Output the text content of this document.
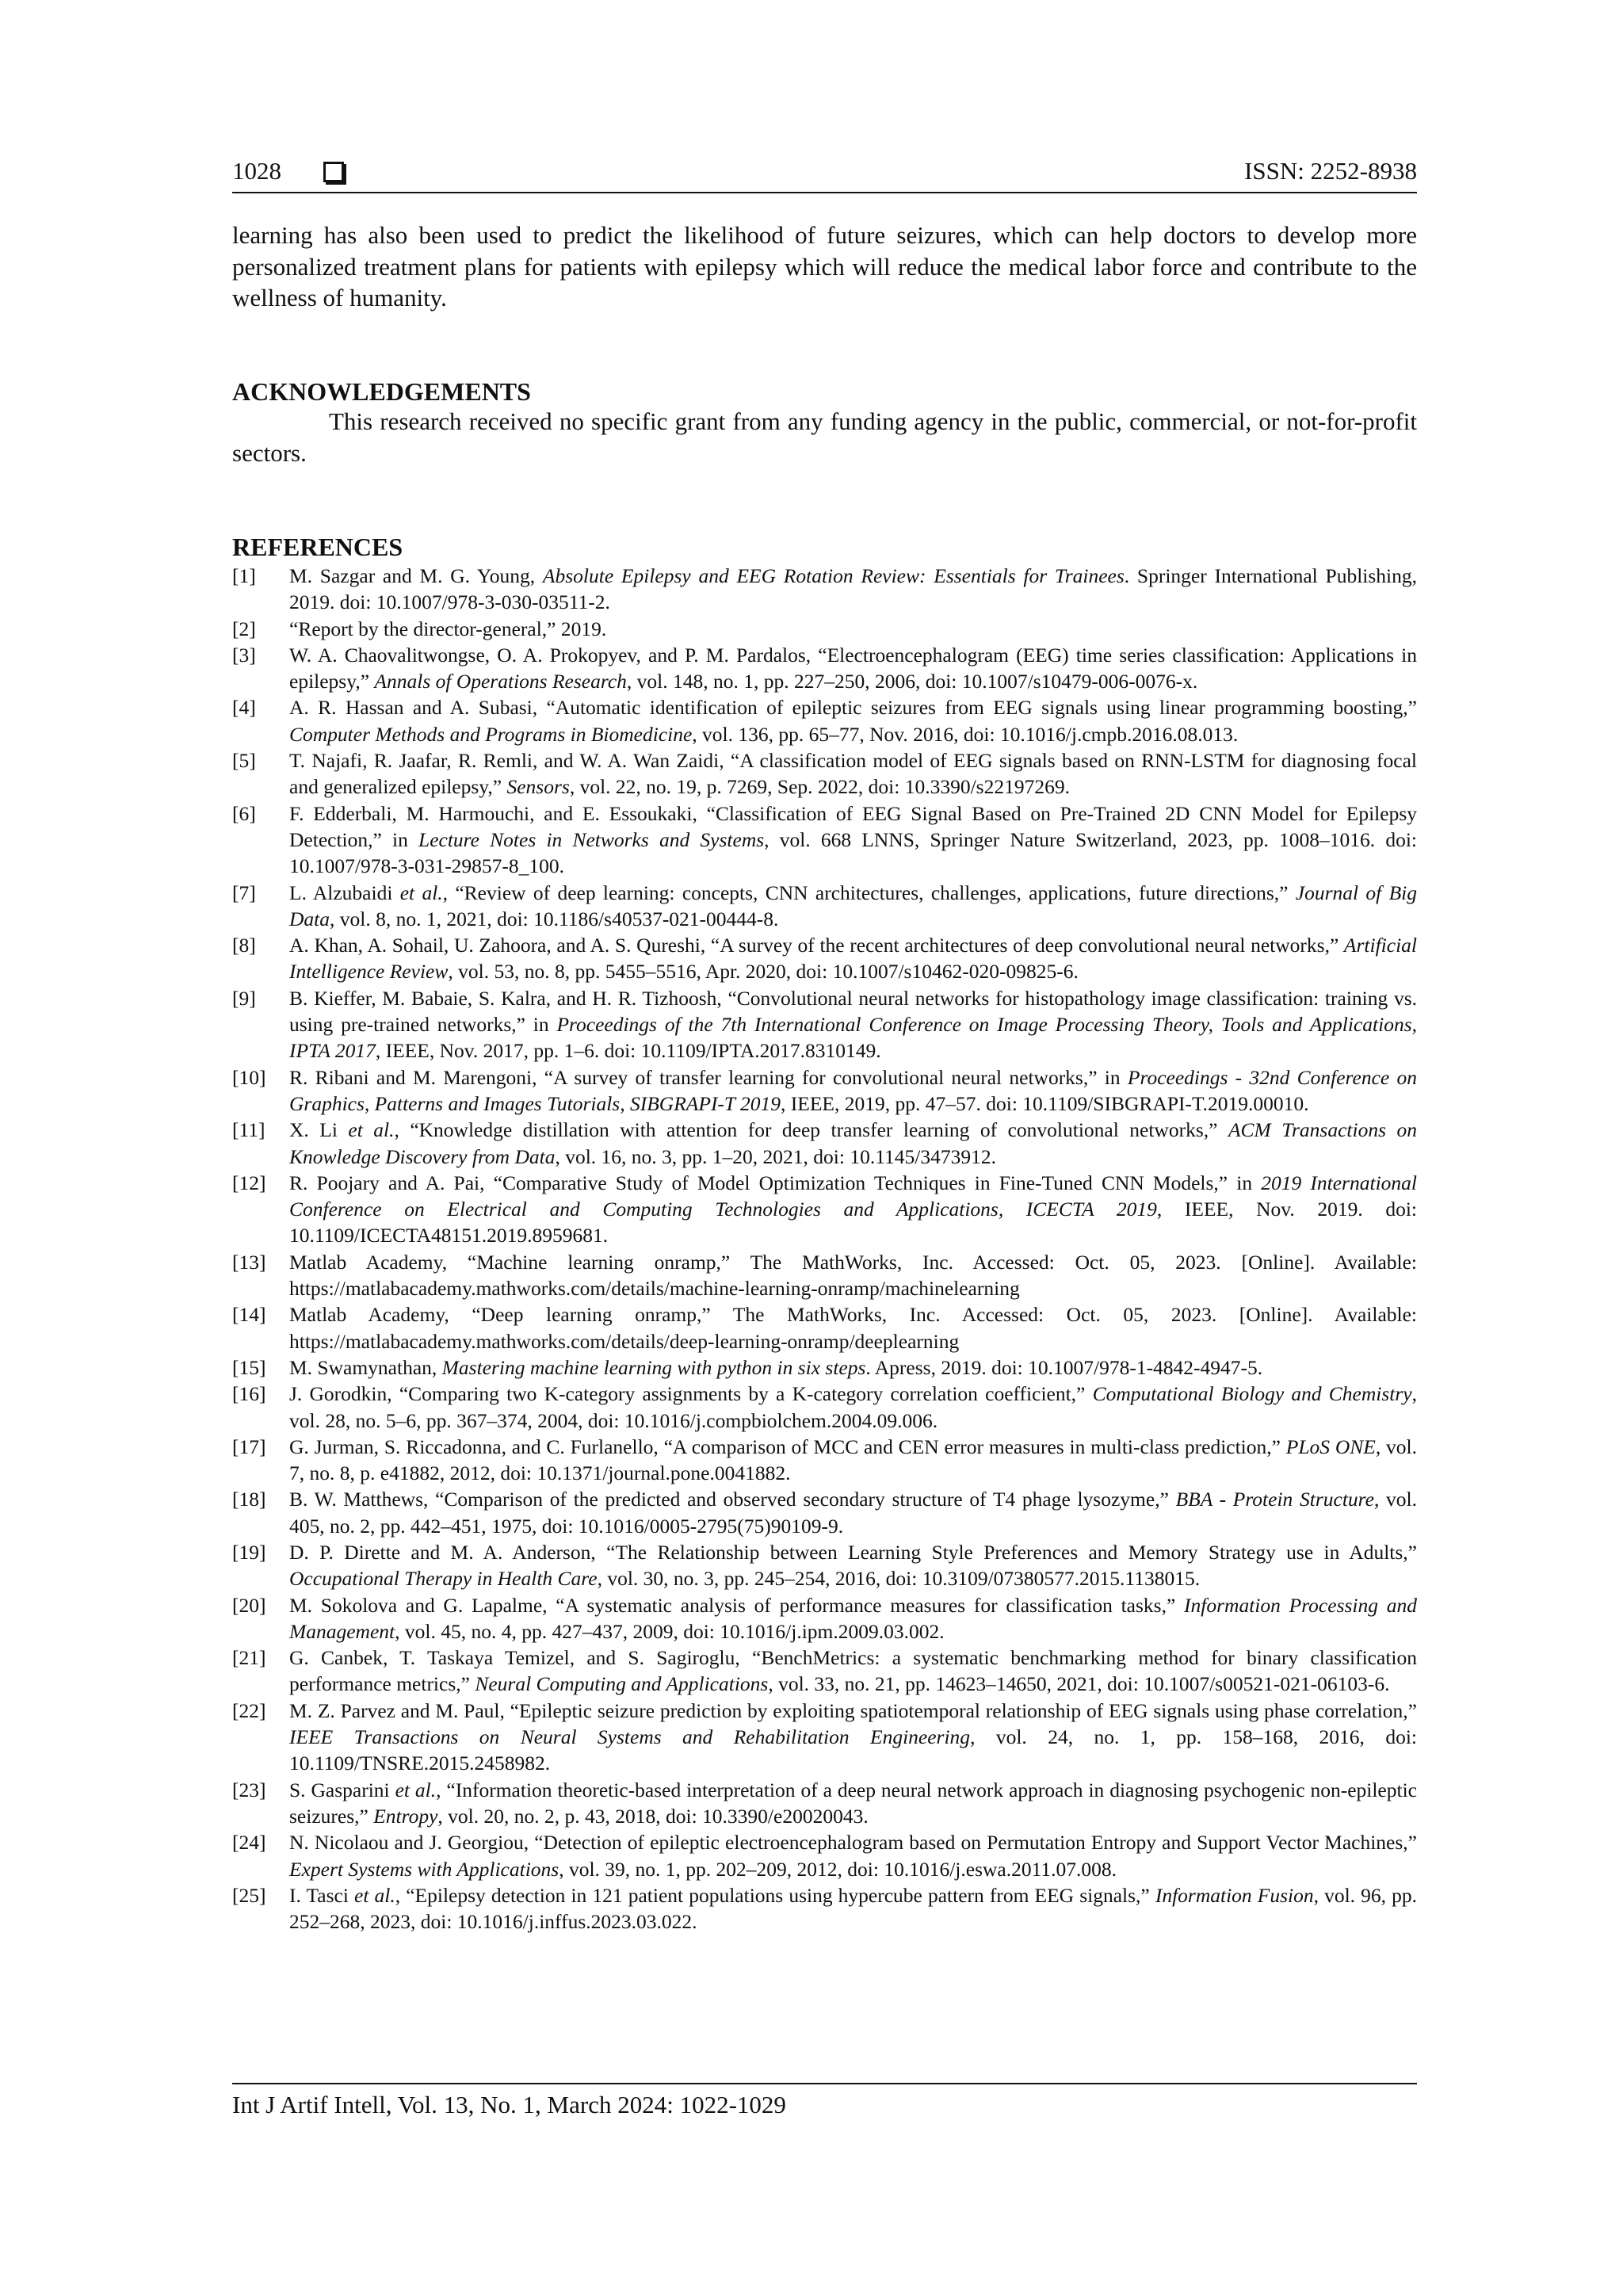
1028	ISSN: 2252-8938

learning has also been used to predict the likelihood of future seizures, which can help doctors to develop more personalized treatment plans for patients with epilepsy which will reduce the medical labor force and contribute to the wellness of humanity.

ACKNOWLEDGEMENTS

This research received no specific grant from any funding agency in the public, commercial, or not-for-profit sectors.

REFERENCES
[1] M. Sazgar and M. G. Young, Absolute Epilepsy and EEG Rotation Review: Essentials for Trainees. Springer International Publishing, 2019. doi: 10.1007/978-3-030-03511-2.
[2] “Report by the director-general,” 2019.
[3] W. A. Chaovalitwongse, O. A. Prokopyev, and P. M. Pardalos, “Electroencephalogram (EEG) time series classification: Applications in epilepsy,” Annals of Operations Research, vol. 148, no. 1, pp. 227–250, 2006, doi: 10.1007/s10479-006-0076-x.
[4] A. R. Hassan and A. Subasi, “Automatic identification of epileptic seizures from EEG signals using linear programming boosting,” Computer Methods and Programs in Biomedicine, vol. 136, pp. 65–77, Nov. 2016, doi: 10.1016/j.cmpb.2016.08.013.
[5] T. Najafi, R. Jaafar, R. Remli, and W. A. Wan Zaidi, “A classification model of EEG signals based on RNN-LSTM for diagnosing focal and generalized epilepsy,” Sensors, vol. 22, no. 19, p. 7269, Sep. 2022, doi: 10.3390/s22197269.
[6] F. Edderbali, M. Harmouchi, and E. Essoukaki, “Classification of EEG Signal Based on Pre-Trained 2D CNN Model for Epilepsy Detection,” in Lecture Notes in Networks and Systems, vol. 668 LNNS, Springer Nature Switzerland, 2023, pp. 1008–1016. doi: 10.1007/978-3-031-29857-8_100.
[7] L. Alzubaidi et al., “Review of deep learning: concepts, CNN architectures, challenges, applications, future directions,” Journal of Big Data, vol. 8, no. 1, 2021, doi: 10.1186/s40537-021-00444-8.
[8] A. Khan, A. Sohail, U. Zahoora, and A. S. Qureshi, “A survey of the recent architectures of deep convolutional neural networks,” Artificial Intelligence Review, vol. 53, no. 8, pp. 5455–5516, Apr. 2020, doi: 10.1007/s10462-020-09825-6.
[9] B. Kieffer, M. Babaie, S. Kalra, and H. R. Tizhoosh, “Convolutional neural networks for histopathology image classification: training vs. using pre-trained networks,” in Proceedings of the 7th International Conference on Image Processing Theory, Tools and Applications, IPTA 2017, IEEE, Nov. 2017, pp. 1–6. doi: 10.1109/IPTA.2017.8310149.
[10] R. Ribani and M. Marengoni, “A survey of transfer learning for convolutional neural networks,” in Proceedings - 32nd Conference on Graphics, Patterns and Images Tutorials, SIBGRAPI-T 2019, IEEE, 2019, pp. 47–57. doi: 10.1109/SIBGRAPI-T.2019.00010.
[11] X. Li et al., “Knowledge distillation with attention for deep transfer learning of convolutional networks,” ACM Transactions on Knowledge Discovery from Data, vol. 16, no. 3, pp. 1–20, 2021, doi: 10.1145/3473912.
[12] R. Poojary and A. Pai, “Comparative Study of Model Optimization Techniques in Fine-Tuned CNN Models,” in 2019 International Conference on Electrical and Computing Technologies and Applications, ICECTA 2019, IEEE, Nov. 2019. doi: 10.1109/ICECTA48151.2019.8959681.
[13] Matlab Academy, “Machine learning onramp,” The MathWorks, Inc. Accessed: Oct. 05, 2023. [Online]. Available: https://matlabacademy.mathworks.com/details/machine-learning-onramp/machinelearning
[14] Matlab Academy, “Deep learning onramp,” The MathWorks, Inc. Accessed: Oct. 05, 2023. [Online]. Available: https://matlabacademy.mathworks.com/details/deep-learning-onramp/deeplearning
[15] M. Swamynathan, Mastering machine learning with python in six steps. Apress, 2019. doi: 10.1007/978-1-4842-4947-5.
[16] J. Gorodkin, “Comparing two K-category assignments by a K-category correlation coefficient,” Computational Biology and Chemistry, vol. 28, no. 5–6, pp. 367–374, 2004, doi: 10.1016/j.compbiolchem.2004.09.006.
[17] G. Jurman, S. Riccadonna, and C. Furlanello, “A comparison of MCC and CEN error measures in multi-class prediction,” PLoS ONE, vol. 7, no. 8, p. e41882, 2012, doi: 10.1371/journal.pone.0041882.
[18] B. W. Matthews, “Comparison of the predicted and observed secondary structure of T4 phage lysozyme,” BBA - Protein Structure, vol. 405, no. 2, pp. 442–451, 1975, doi: 10.1016/0005-2795(75)90109-9.
[19] D. P. Dirette and M. A. Anderson, “The Relationship between Learning Style Preferences and Memory Strategy use in Adults,” Occupational Therapy in Health Care, vol. 30, no. 3, pp. 245–254, 2016, doi: 10.3109/07380577.2015.1138015.
[20] M. Sokolova and G. Lapalme, “A systematic analysis of performance measures for classification tasks,” Information Processing and Management, vol. 45, no. 4, pp. 427–437, 2009, doi: 10.1016/j.ipm.2009.03.002.
[21] G. Canbek, T. Taskaya Temizel, and S. Sagiroglu, “BenchMetrics: a systematic benchmarking method for binary classification performance metrics,” Neural Computing and Applications, vol. 33, no. 21, pp. 14623–14650, 2021, doi: 10.1007/s00521-021-06103-6.
[22] M. Z. Parvez and M. Paul, “Epileptic seizure prediction by exploiting spatiotemporal relationship of EEG signals using phase correlation,” IEEE Transactions on Neural Systems and Rehabilitation Engineering, vol. 24, no. 1, pp. 158–168, 2016, doi: 10.1109/TNSRE.2015.2458982.
[23] S. Gasparini et al., “Information theoretic-based interpretation of a deep neural network approach in diagnosing psychogenic non-epileptic seizures,” Entropy, vol. 20, no. 2, p. 43, 2018, doi: 10.3390/e20020043.
[24] N. Nicolaou and J. Georgiou, “Detection of epileptic electroencephalogram based on Permutation Entropy and Support Vector Machines,” Expert Systems with Applications, vol. 39, no. 1, pp. 202–209, 2012, doi: 10.1016/j.eswa.2011.07.008.
[25] I. Tasci et al., “Epilepsy detection in 121 patient populations using hypercube pattern from EEG signals,” Information Fusion, vol. 96, pp. 252–268, 2023, doi: 10.1016/j.inffus.2023.03.022.
Int J Artif Intell, Vol. 13, No. 1, March 2024: 1022-1029
